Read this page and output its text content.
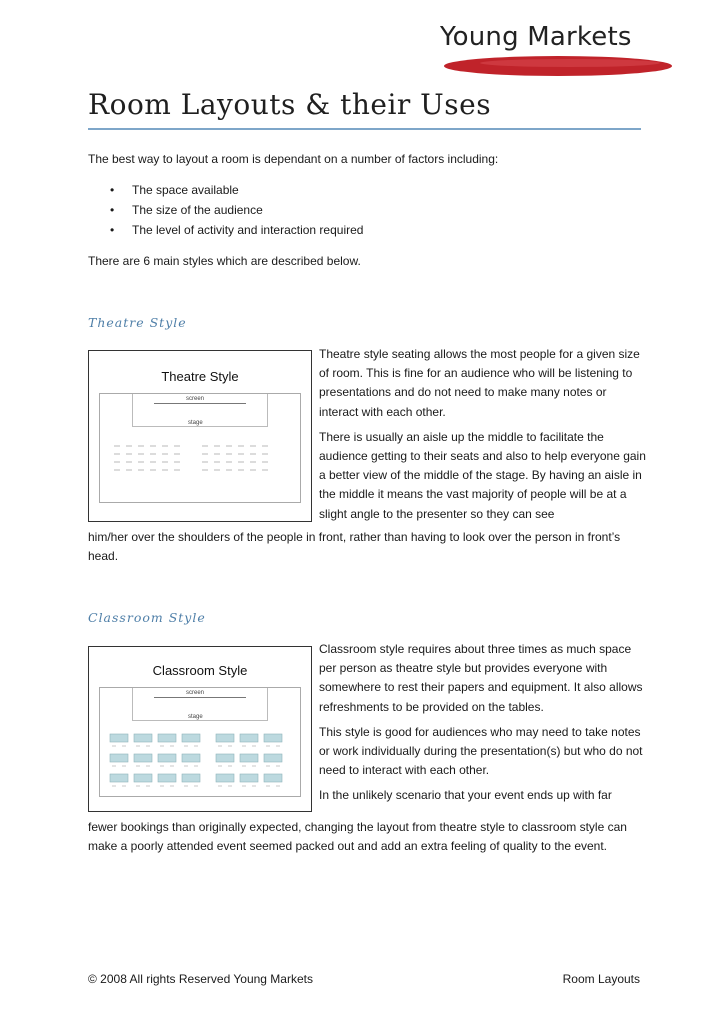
Young Markets
Room Layouts & their Uses
The best way to layout a room is dependant on a number of factors including:
• The space available
• The size of the audience
• The level of activity and interaction required
There are 6 main styles which are described below.
Theatre Style
Theatre Style
screen
stage

Theatre style seating allows the most people for a given size of room. This is fine for an audience who will be listening to presentations and do not need to make many notes or interact with each other.

There is usually an aisle up the middle to facilitate the audience getting to their seats and also to help everyone gain a better view of the middle of the stage. By having an aisle in the middle it means the vast majority of people will be at a slight angle to the presenter so they can see

him/her over the shoulders of the people in front, rather than having to look over the person in front’s head.
Classroom Style
Classroom Style
screen
stage

Classroom style requires about three times as much space per person as theatre style but provides everyone with somewhere to rest their papers and equipment. It also allows refreshments to be provided on the tables.

This style is good for audiences who may need to take notes or work individually during the presentation(s) but who do not need to interact with each other.

In the unlikely scenario that your event ends up with far

fewer bookings than originally expected, changing the layout from theatre style to classroom style can make a poorly attended event seemed packed out and add an extra feeling of quality to the event.
© 2008 All rights Reserved Young Markets	Room Layouts
